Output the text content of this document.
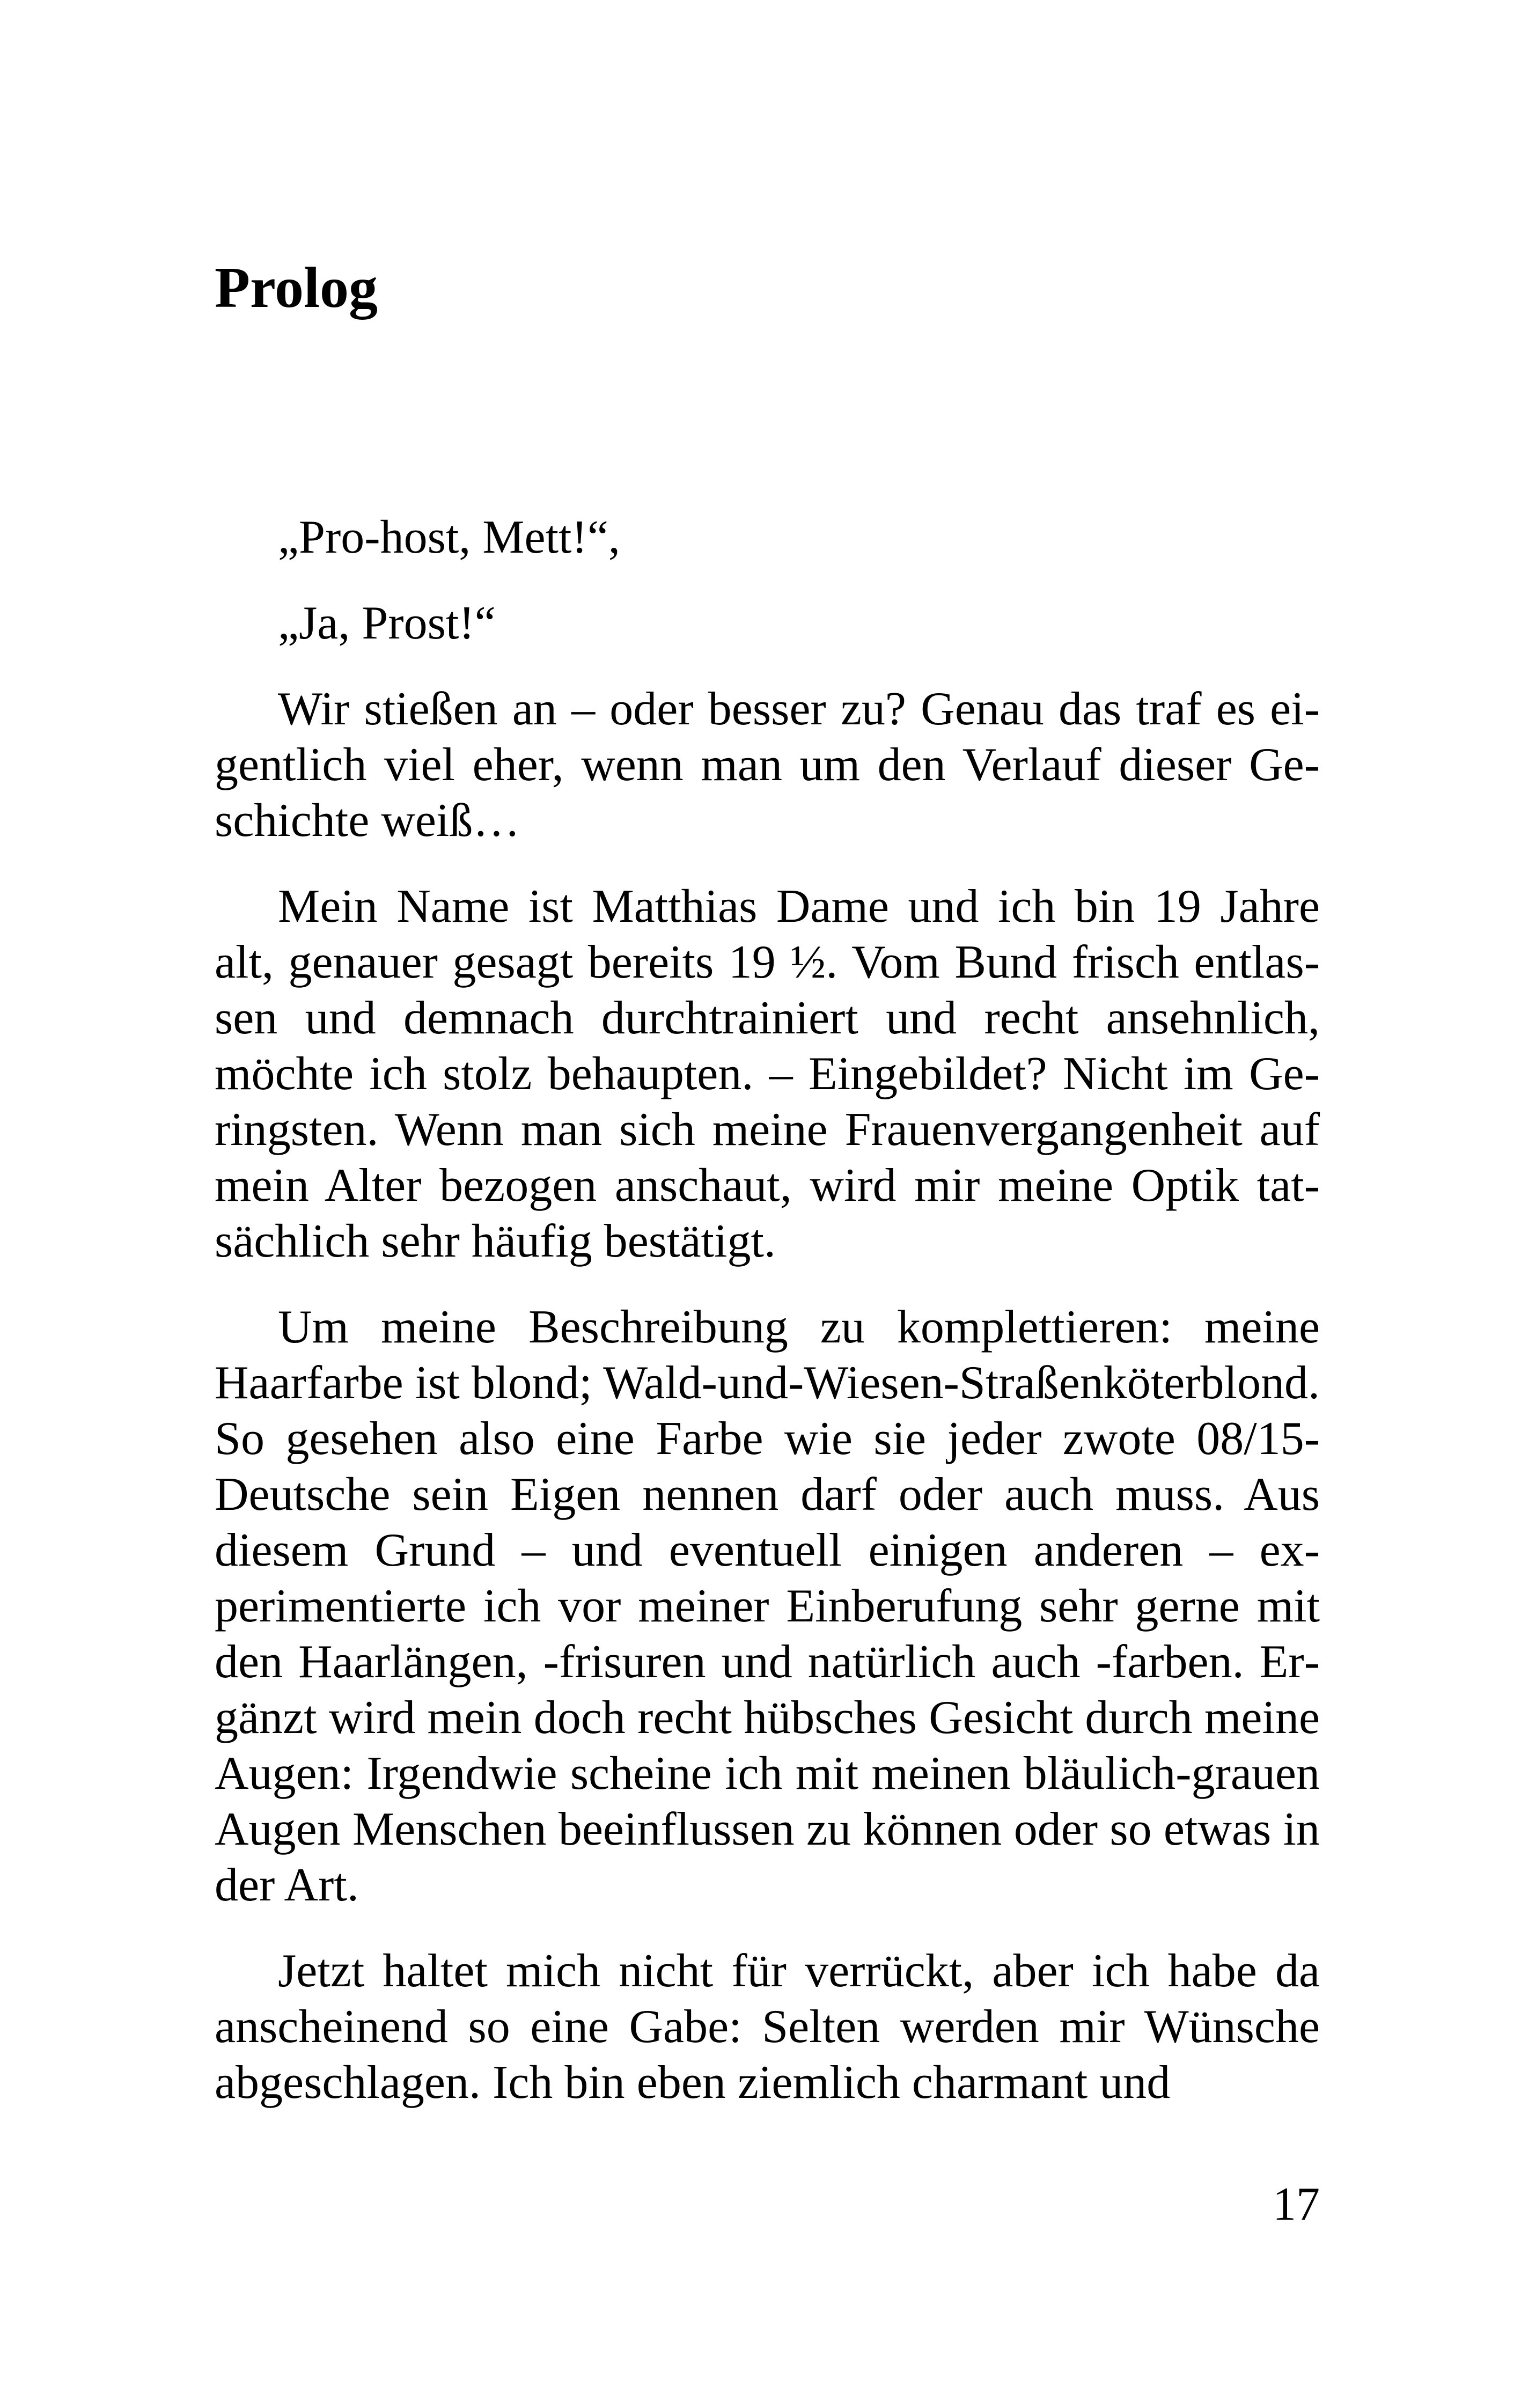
Prolog

„Pro-host, Mett!“,

„Ja, Prost!“

Wir stießen an – oder besser zu? Genau das traf es eigentlich viel eher, wenn man um den Verlauf dieser Geschichte weiß…

Mein Name ist Matthias Dame und ich bin 19 Jahre alt, genauer gesagt bereits 19 ½. Vom Bund frisch entlassen und demnach durchtrainiert und recht ansehnlich, möchte ich stolz behaupten. – Eingebildet? Nicht im Geringsten. Wenn man sich meine Frauenvergangenheit auf mein Alter bezogen anschaut, wird mir meine Optik tatsächlich sehr häufig bestätigt.

Um meine Beschreibung zu komplettieren: meine Haarfarbe ist blond; Wald-und-Wiesen-Straßenköterblond. So gesehen also eine Farbe wie sie jeder zwote 08/15-Deutsche sein Eigen nennen darf oder auch muss. Aus diesem Grund – und eventuell einigen anderen – experimentierte ich vor meiner Einberufung sehr gerne mit den Haarlängen, -frisuren und natürlich auch -farben. Ergänzt wird mein doch recht hübsches Gesicht durch meine Augen: Irgendwie scheine ich mit meinen bläulich-grauen Augen Menschen beeinflussen zu können oder so etwas in der Art.

Jetzt haltet mich nicht für verrückt, aber ich habe da anscheinend so eine Gabe: Selten werden mir Wünsche abgeschlagen. Ich bin eben ziemlich charmant und

17
